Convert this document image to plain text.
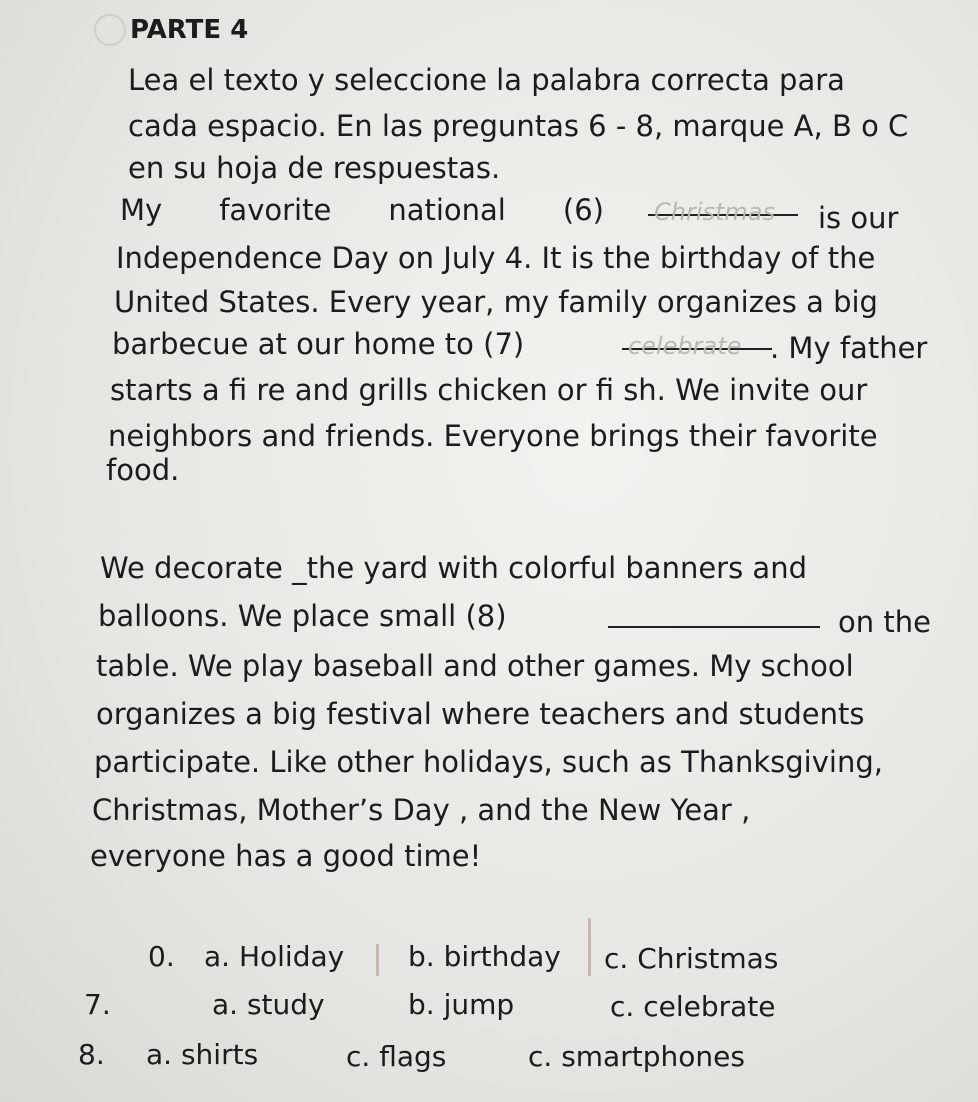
PARTE 4
Lea el texto y seleccione la palabra correcta para
cada espacio. En las preguntas 6 - 8, marque A, B o C
en su hoja de respuestas.
My favorite national (6) Christmas	is our
Independence Day on July 4. It is the birthday of the
United States. Every year, my family organizes a big
barbecue at our home to (7)	celebrate . My father
starts a fi re and grills chicken or fi sh. We invite our
neighbors and friends. Everyone brings their favorite
food.
We decorate _the yard with colorful banners and
balloons. We place small (8)	on the
table. We play baseball and other games. My school
organizes a big festival where teachers and students
participate. Like other holidays, such as Thanksgiving,
Christmas, Mother’s Day , and the New Year ,
everyone has a good time!
0. a. Holiday b. birthday c. Christmas
7.	a. study	b. jump	c. celebrate
8. a. shirts	c. flags	c. smartphones
